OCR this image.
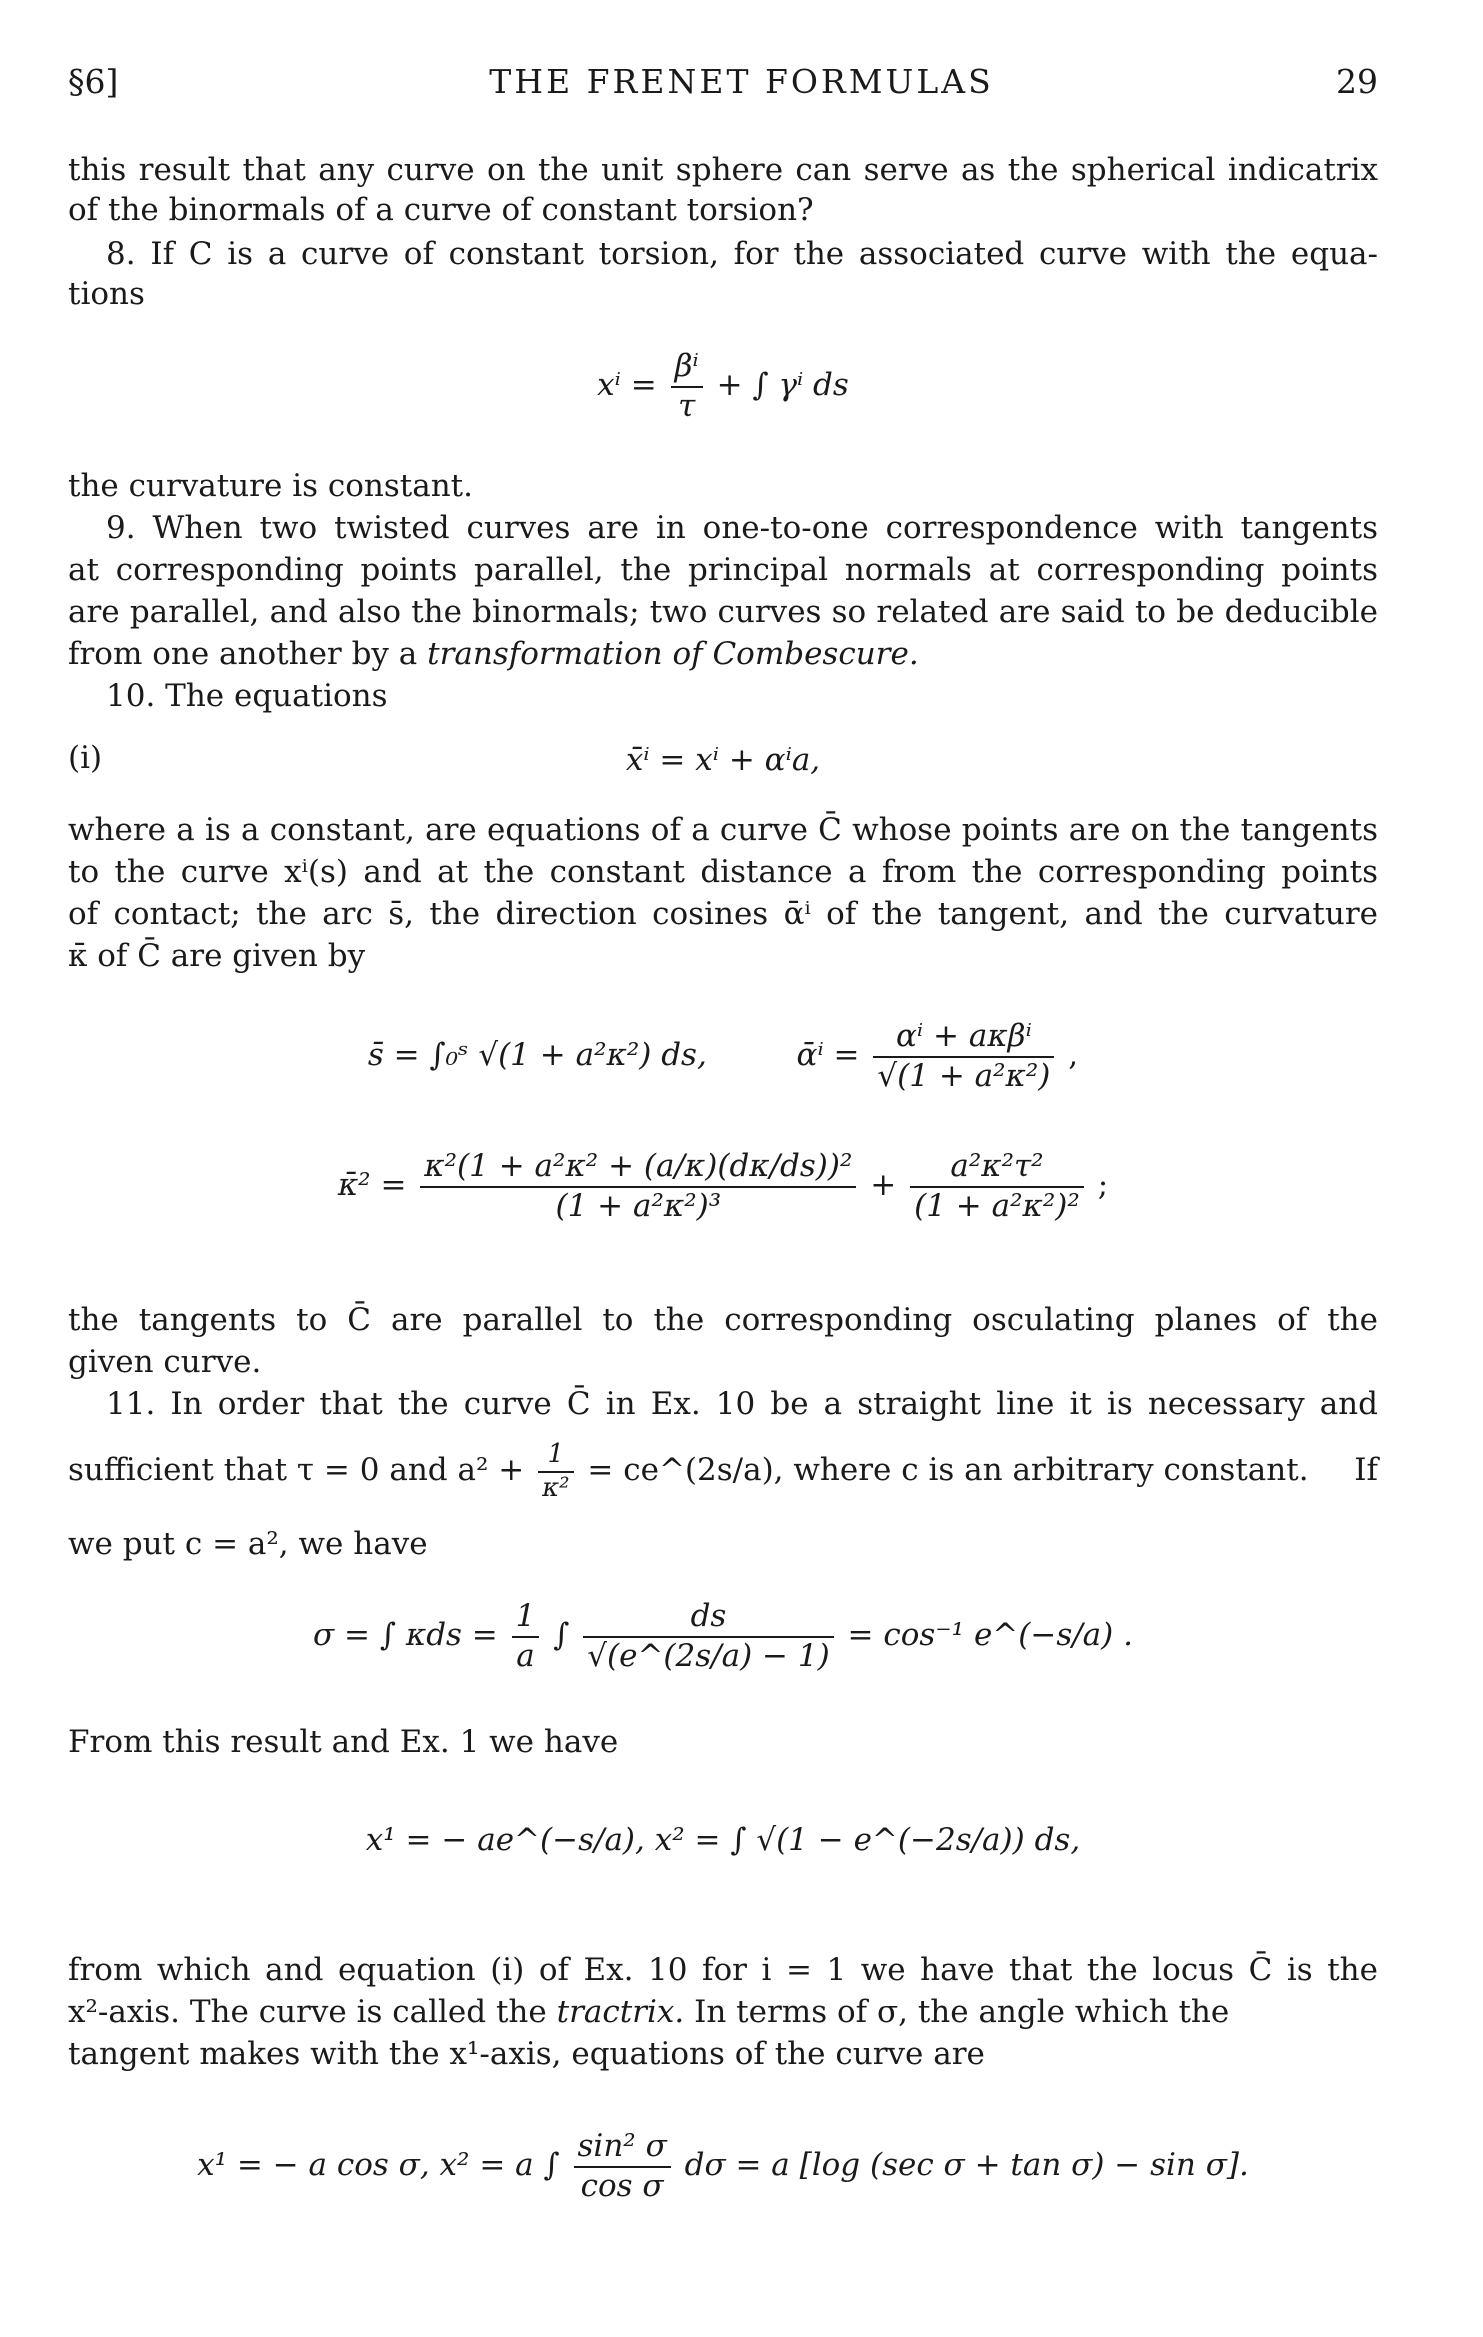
§6]	THE FRENET FORMULAS	29
this result that any curve on the unit sphere can serve as the spherical indicatrix
of the binormals of a curve of constant torsion?
8. If C is a curve of constant torsion, for the associated curve with the equa-
tions
$x^i = \frac{\text{βⁱ}}{\tau}$ + ∫ γⁱ ds
the curvature is constant.
9. When two twisted curves are in one-to-one correspondence with tangents
at corresponding points parallel, the principal normals at corresponding points
are parallel, and also the binormals; two curves so related are said to be deducible
from one another by a transformation of Combescure.
10. The equations
(i)	x̄ⁱ = xⁱ + αⁱa,
where a is a constant, are equations of a curve C̄ whose points are on the tangents
to the curve xⁱ(s) and at the constant distance a from the corresponding points
of contact; the arc s̄, the direction cosines ᾱⁱ of the tangent, and the curvature
κ̄ of C̄ are given by
s̄ = ∫₀ˢ √(1 + a²κ²) ds,	ᾱⁱ = $\frac{\text{αⁱ + aκβⁱ}}{\text{√(1 + a²κ²)}}$ ,
κ̄² = $\frac{\text{κ²(1 + a²κ² + (a/κ)(dκ/ds))²}}{\text{(1 + a²κ²)³}} + \frac{\text{a²κ²τ²}}{\text{(1 + a²κ²)²}}$ ;
the tangents to C̄ are parallel to the corresponding osculating planes of the
given curve.
11. In order that the curve C̄ in Ex. 10 be a straight line it is necessary and
sufficient that τ = 0 and $a^2 + \frac{1}{\text{κ²}}$ = ce^(2s/a), where c is an arbitrary constant. If
we put c = a², we have
σ = ∫ $\kappa ds = \frac{1}{a}$ ∫ $\frac{ds}{√(e\^{}(2s/a) - 1)} = \cos^{-1}$ e^(−s/a) .
From this result and Ex. 1 we have
x¹ = − ae^(−s/a), x² = ∫ √(1 − e^(−2s/a)) ds,
from which and equation (i) of Ex. 10 for i = 1 we have that the locus C̄ is the
x²-axis. The curve is called the tractrix. In terms of σ, the angle which the
tangent makes with the x¹-axis, equations of the curve are
x¹ = − a cos σ, x² = a ∫ $\frac{\text{sin² σ}}{\text{cos σ}}$ dσ = a [log (sec σ + tan σ) − sin σ].
